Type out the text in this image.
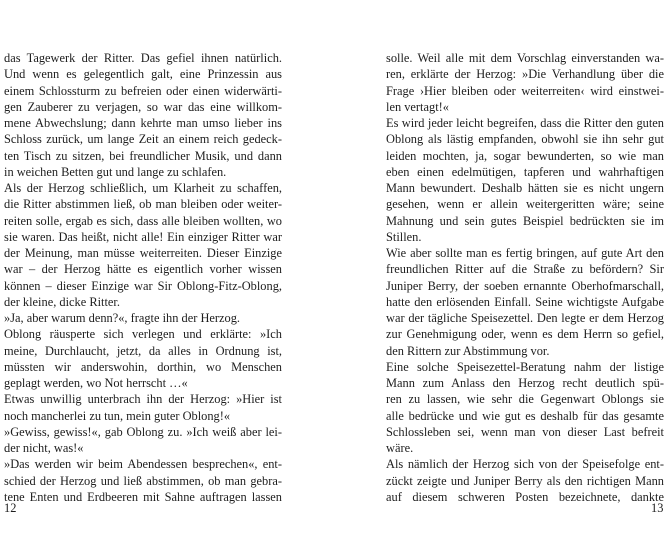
das Tagewerk der Ritter. Das gefiel ihnen natürlich.
Und wenn es gelegentlich galt, eine Prinzessin aus
einem Schlossturm zu befreien oder einen widerwärti-
gen Zauberer zu verjagen, so war das eine willkom-
mene Abwechslung; dann kehrte man umso lieber ins
Schloss zurück, um lange Zeit an einem reich gedeck-
ten Tisch zu sitzen, bei freundlicher Musik, und dann
in weichen Betten gut und lange zu schlafen.
Als der Herzog schließlich, um Klarheit zu schaffen,
die Ritter abstimmen ließ, ob man bleiben oder weiter-
reiten solle, ergab es sich, dass alle bleiben wollten, wo
sie waren. Das heißt, nicht alle! Ein einziger Ritter war
der Meinung, man müsse weiterreiten. Dieser Einzige
war – der Herzog hätte es eigentlich vorher wissen
können – dieser Einzige war Sir Oblong-Fitz-Oblong,
der kleine, dicke Ritter.
»Ja, aber warum denn?«, fragte ihn der Herzog.
Oblong räusperte sich verlegen und erklärte: »Ich
meine, Durchlaucht, jetzt, da alles in Ordnung ist,
müssten wir anderswohin, dorthin, wo Menschen
geplagt werden, wo Not herrscht …«
Etwas unwillig unterbrach ihn der Herzog: »Hier ist
noch mancherlei zu tun, mein guter Oblong!«
»Gewiss, gewiss!«, gab Oblong zu. »Ich weiß aber lei-
der nicht, was!«
»Das werden wir beim Abendessen besprechen«, ent-
schied der Herzog und ließ abstimmen, ob man gebra-
tene Enten und Erdbeeren mit Sahne auftragen lassen
solle. Weil alle mit dem Vorschlag einverstanden wa-
ren, erklärte der Herzog: »Die Verhandlung über die
Frage ›Hier bleiben oder weiterreiten‹ wird einstwei-
len vertagt!«
Es wird jeder leicht begreifen, dass die Ritter den guten
Oblong als lästig empfanden, obwohl sie ihn sehr gut
leiden mochten, ja, sogar bewunderten, so wie man
eben einen edelmütigen, tapferen und wahrhaftigen
Mann bewundert. Deshalb hätten sie es nicht ungern
gesehen, wenn er allein weitergeritten wäre; seine
Mahnung und sein gutes Beispiel bedrückten sie im
Stillen.
Wie aber sollte man es fertig bringen, auf gute Art den
freundlichen Ritter auf die Straße zu befördern? Sir
Juniper Berry, der soeben ernannte Oberhofmarschall,
hatte den erlösenden Einfall. Seine wichtigste Aufgabe
war der tägliche Speisezettel. Den legte er dem Herzog
zur Genehmigung oder, wenn es dem Herrn so gefiel,
den Rittern zur Abstimmung vor.
Eine solche Speisezettel-Beratung nahm der listige
Mann zum Anlass den Herzog recht deutlich spü-
ren zu lassen, wie sehr die Gegenwart Oblongs sie
alle bedrücke und wie gut es deshalb für das gesamte
Schlossleben sei, wenn man von dieser Last befreit
wäre.
Als nämlich der Herzog sich von der Speisefolge ent-
zückt zeigte und Juniper Berry als den richtigen Mann
auf diesem schweren Posten bezeichnete, dankte
12	13
